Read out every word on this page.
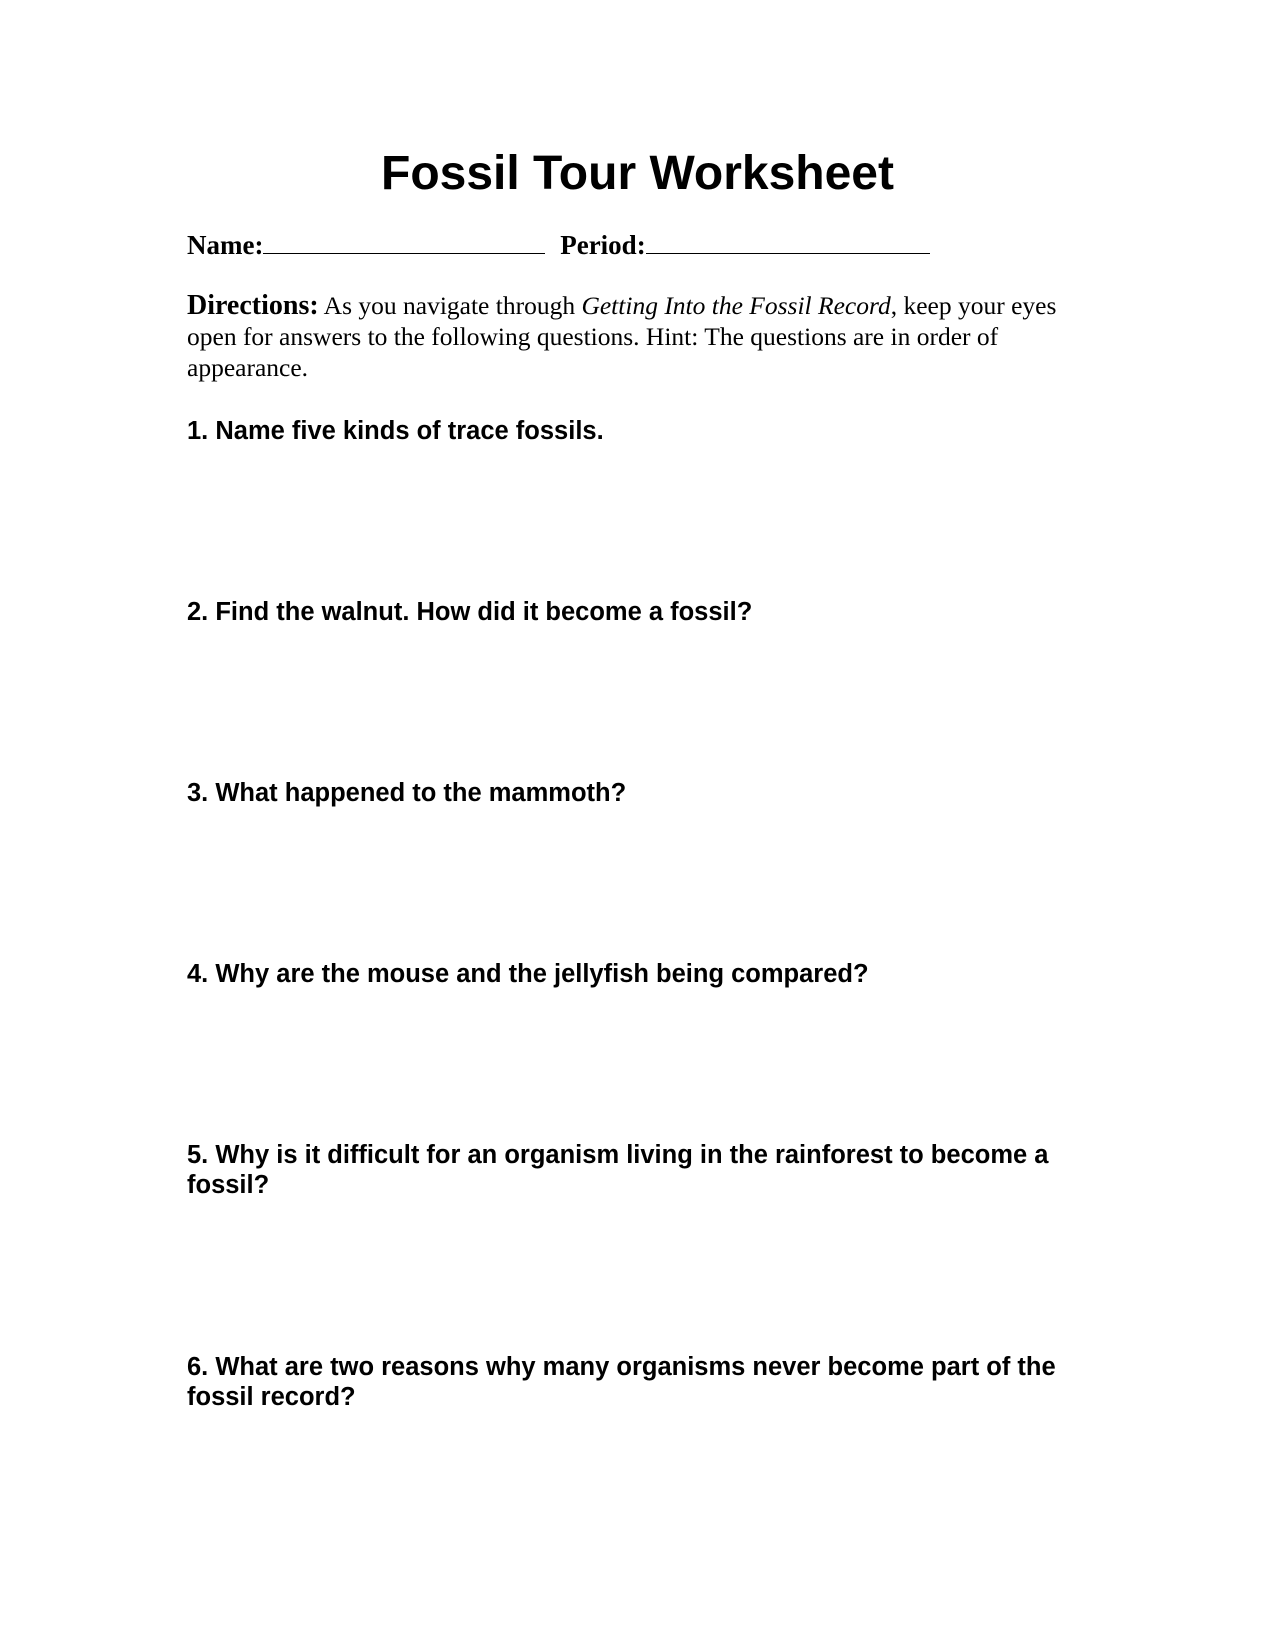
Fossil Tour Worksheet
Name:	Period:

Directions: As you navigate through Getting Into the Fossil Record, keep your eyes open for answers to the following questions. Hint: The questions are in order of appearance.

1. Name five kinds of trace fossils.

2. Find the walnut. How did it become a fossil?

3. What happened to the mammoth?

4. Why are the mouse and the jellyfish being compared?

5. Why is it difficult for an organism living in the rainforest to become a fossil?

6. What are two reasons why many organisms never become part of the fossil record?
